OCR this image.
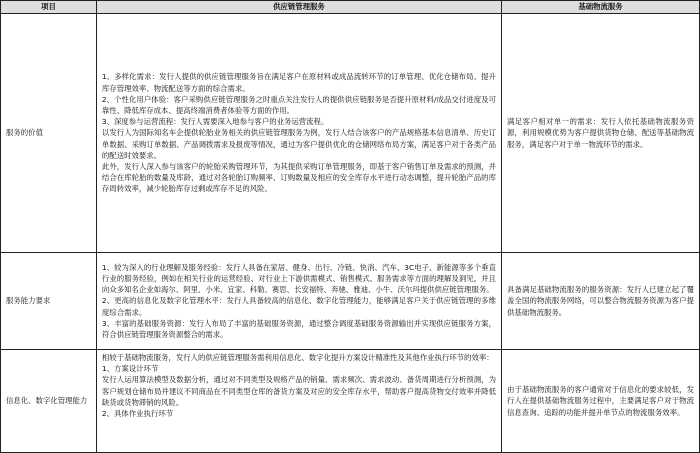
项目	供应链管理服务	基础物流服务
服务的价值	1、多样化需求：发行人提供的供应链管理服务旨在满足客户在原材料或成品流转环节的订单管理、优化仓储布局、提升库存管理效率、物流配送等方面的综合需求。

2、个性化用户体验：客户采购供应链管理服务之时重点关注发行人的提供供应链服务是否提升原材料/成品交付进度及可靠性、降低库存成本、提高终端消费者体验等方面的作用。

3、深度参与运营流程：发行人需要深入地参与客户的业务运营流程。

以发行人为国际知名车企提供轮胎业务相关的供应链管理服务为例，发行人结合该客户的产品规格基本信息清单、历史订单数据、采购订单数据、产品调拨需求及报废等情况，通过为客户提供优化的仓储网络布局方案，满足客户对于各类产品的配送时效要求。

此外，发行人深入参与该客户的轮胎采购管理环节，为其提供采购订单管理服务，即基于客户销售订单及需求的预测，并结合在库轮胎的数量及库龄，通过对各轮胎订购频率、订购数量及相应的安全库存水平进行动态调整，提升轮胎产品的库存周转效率，减少轮胎库存过剩或库存不足的风险。	满足客户相对单一的需求：发行人依托基础物流服务资源，利用规模优势为客户提供货物仓储、配送等基础物流服务，满足客户对于单一物流环节的需求。
服务能力要求	1、较为深入的行业理解及服务经验：发行人具备在家居、健身、出行、冷链、快消、汽车、3C电子、新能源等多个垂直行业的服务经验，例如在相关行业的运营经验、对行业上下游供需模式、销售模式、服务需求等方面的理解及洞见，并且向众多知名企业如海尔、阿里、小米、宜家、科勒、赛思、长安福特、奔驰、雅迪、小牛、沃尔玛提供供应链管理服务。

2、更高的信息化及数字化管理水平：发行人具备较高的信息化、数字化管理能力，能够满足客户关于供应链管理的多维度综合需求。

3、丰富的基础服务资源：发行人布局了丰富的基础服务资源，通过整合调度基础服务资源输出并实现供应链服务方案，符合供应链管理服务资源整合的需求。	具备满足基础物流服务的服务资源：发行人已建立起了覆盖全国的物流服务网络，可以整合物流服务资源为客户提供基础物流服务。
信息化、数字化管理能力	相较于基础物流服务，发行人的供应链管理服务需利用信息化、数字化提升方案设计精准性及其他作业执行环节的效率：

1、方案设计环节

发行人运用算法模型及数据分析，通过对不同类型及规格产品的销量、需求频次、需求波动、备货周期进行分析预测，为客户规划仓储布局并建议不同商品在不同类型仓库的备货方案及对应的安全库存水平，帮助客户提高货物交付效率并降低缺货或货物滞销的风险。

2、具体作业执行环节	由于基础物流服务的客户通常对于信息化的要求较低，发行人在提供基础物流服务过程中，主要满足客户对于物流信息查询、追踪的功能并提升单节点的物流服务效率。
